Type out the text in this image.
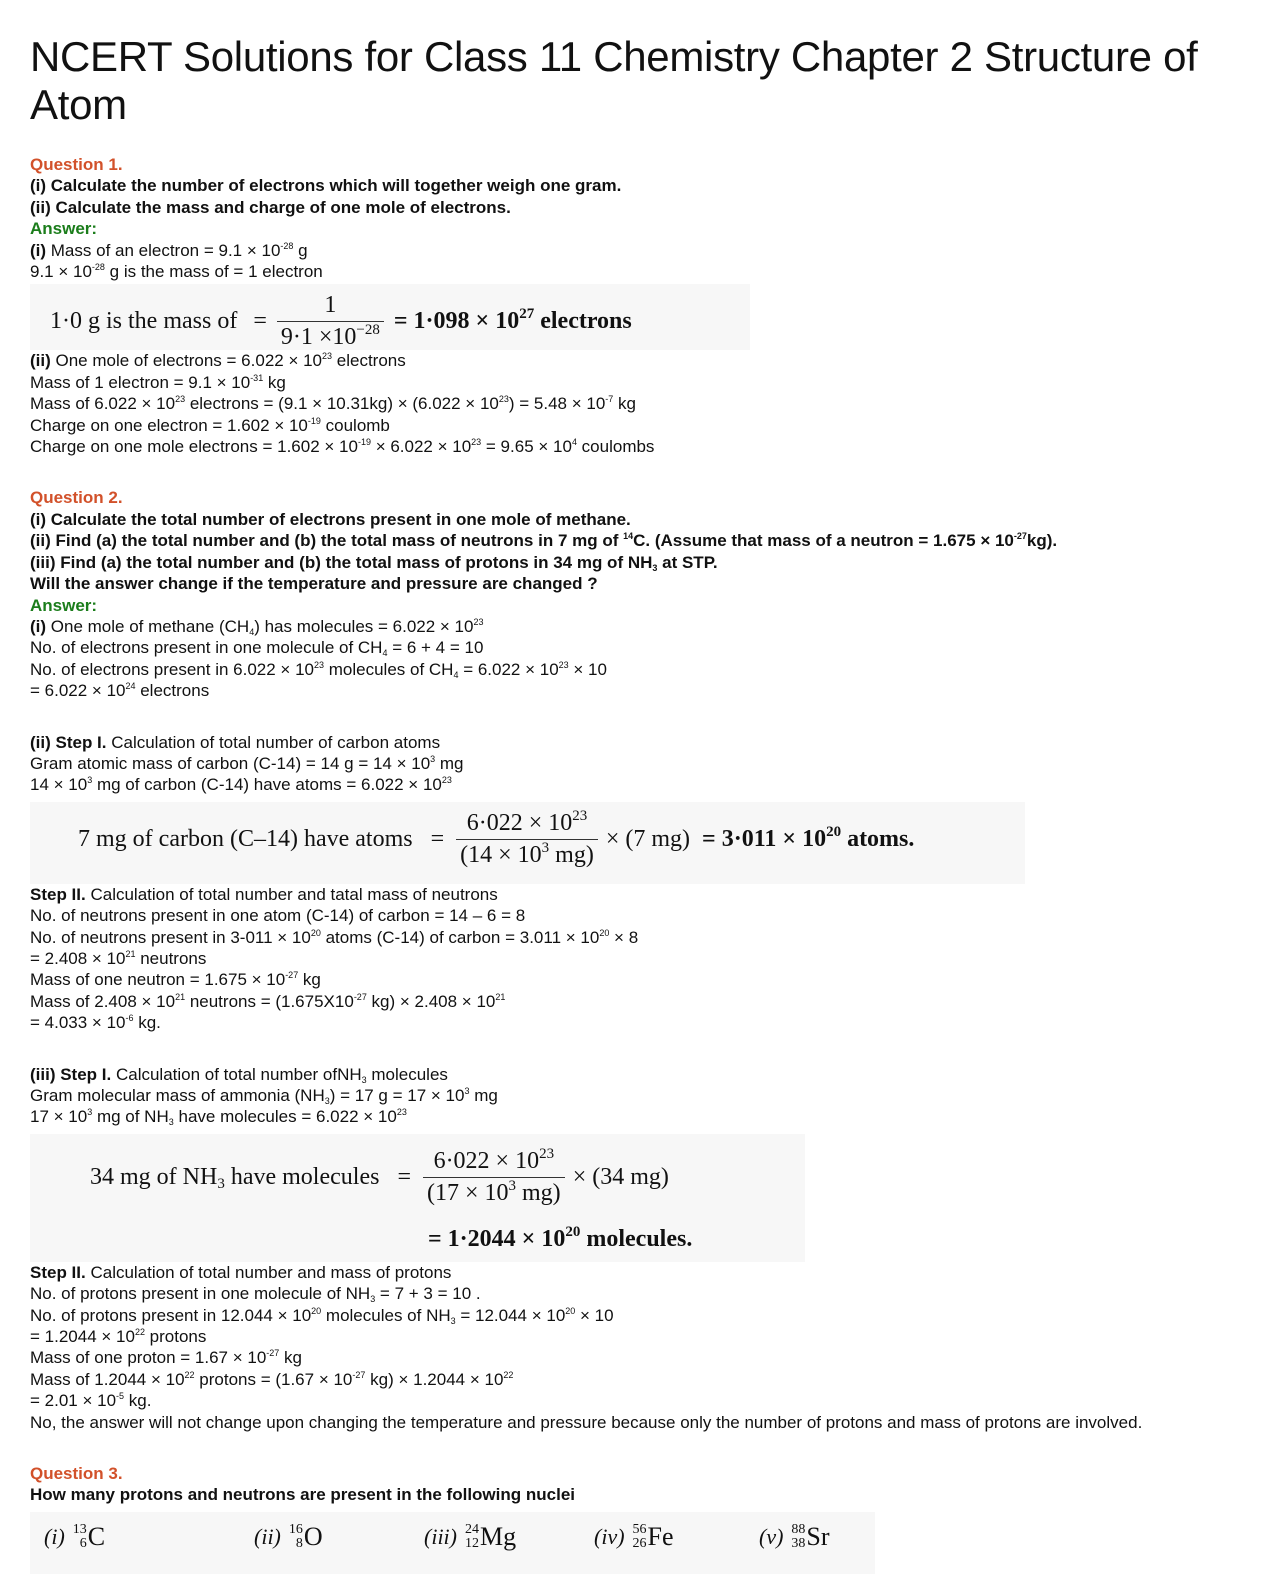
NCERT Solutions for Class 11 Chemistry Chapter 2 Structure of Atom
Question 1.
(i) Calculate the number of electrons which will together weigh one gram.
(ii) Calculate the mass and charge of one mole of electrons.
Answer:
(i) Mass of an electron = $9.1 \times 10^{-28}$ g
$9.1 \times 10^{-28}$ g is the mass of = 1 electron
1·0 g is the mass of = $\frac{1}{9\cdot 1 \times 10^{-28}} = 1\cdot 098 \times 10^{27}$ electrons
(ii) One mole of electrons = $6.022 \times 10^{23}$ electrons
Mass of 1 electron = $9.1 \times 10^{-31}$ kg
Mass of $6.022 \times 10^{23}$ electrons = $(9.1 \times 10.31kg) \times (6.022 \times 10^{23}) = 5.48 \times 10^{-7}$ kg
Charge on one electron = $1.602 \times 10^{-19}$ coulomb
Charge on one mole electrons = $1.602 \times 10^{-19} \times 6.022 \times 10^{23} = 9.65 \times 10^4$ coulombs
Question 2.
(i) Calculate the total number of electrons present in one mole of methane.
(ii) Find (a) the total number and (b) the total mass of neutrons in 7 mg of $^{14}$C. (Assume that mass of a neutron = $1.675 \times 10^{-27}kg$).
(iii) Find (a) the total number and (b) the total mass of protons in 34 mg of $NH_3$ at STP.
Will the answer change if the temperature and pressure are changed ?
Answer:
(i) One mole of methane $(CH_4)$ has molecules = $6.022 \times 10^{23}$
No. of electrons present in one molecule of $CH_4 = 6 + 4 = 10$
No. of electrons present in $6.022 \times 10^{23}$ molecules of $CH_4 = 6.022 \times 10^{23} \times 10$
= $6.022 \times 10^{24}$ electrons
(ii) Step I. Calculation of total number of carbon atoms
Gram atomic mass of carbon (C-14) = 14 $g = 14 \times 10^3$ mg
$14 \times 10^3$ mg of carbon (C-14) have atoms = $6.022 \times 10^{23}$
7 mg of carbon (C–14) have atoms = $\frac{6\cdot 022 \times 10^{23}}{(14 \times 10^3 mg)} \times (7$ $mg) = 3\cdot 011 \times 10^{20}$ atoms.
Step II. Calculation of total number and tatal mass of neutrons
No. of neutrons present in one atom (C-14) of carbon = 14 – 6 = 8
No. of neutrons present in $3-011 \times 10^{20}$ atoms (C-14) of carbon = $3.011 \times 10^{20} \times 8$
= $2.408 \times 10^{21}$ neutrons
Mass of one neutron = $1.675 \times 10^{-27}$ kg
Mass of $2.408 \times 10^{21}$ neutrons = ($1.675X10^{-27}$ $kg) \times 2.408 \times 10^{21}$
= $4.033 \times 10^{-6}$ kg.
(iii) Step I. Calculation of total number ofNH$_3$ molecules
Gram molecular mass of ammonia $(NH_3) = 17$ $g = 17 \times 10^3$ mg
$17 \times 10^3$ mg of $NH_3$ have molecules = $6.022 \times 10^{23}$
34 mg of $NH_3$ have molecules = $\frac{6\cdot 022 \times 10^{23}}{(17 \times 10^3 mg)} \times (34$ mg)
= $1\cdot 2044 \times 10^{20}$ molecules.
Step II. Calculation of total number and mass of protons
No. of protons present in one molecule of $NH_3 = 7 + 3 = 10$ .
No. of protons present in $12.044 \times 10^{20}$ molecules of $NH_3 = 12.044 \times 10^{20} \times 10$
= $1.2044 \times 10^{22}$ protons
Mass of one proton = $1.67 \times 10^{-27}$ kg
Mass of $1.2044 \times 10^{22}$ protons = ($1.67 \times 10^{-27}$ $kg) \times 1.2044 \times 10^{22}$
= $2.01 \times 10^{-5}$ kg.
No, the answer will not change upon changing the temperature and pressure because only the number of protons and mass of protons are involved.
Question 3.
How many protons and neutrons are present in the following nuclei
(i) 13
6 C	(ii) 16
8 O	(iii) 24
12 Mg	(iv) 56
26 Fe	(v) 88
38 Sr
